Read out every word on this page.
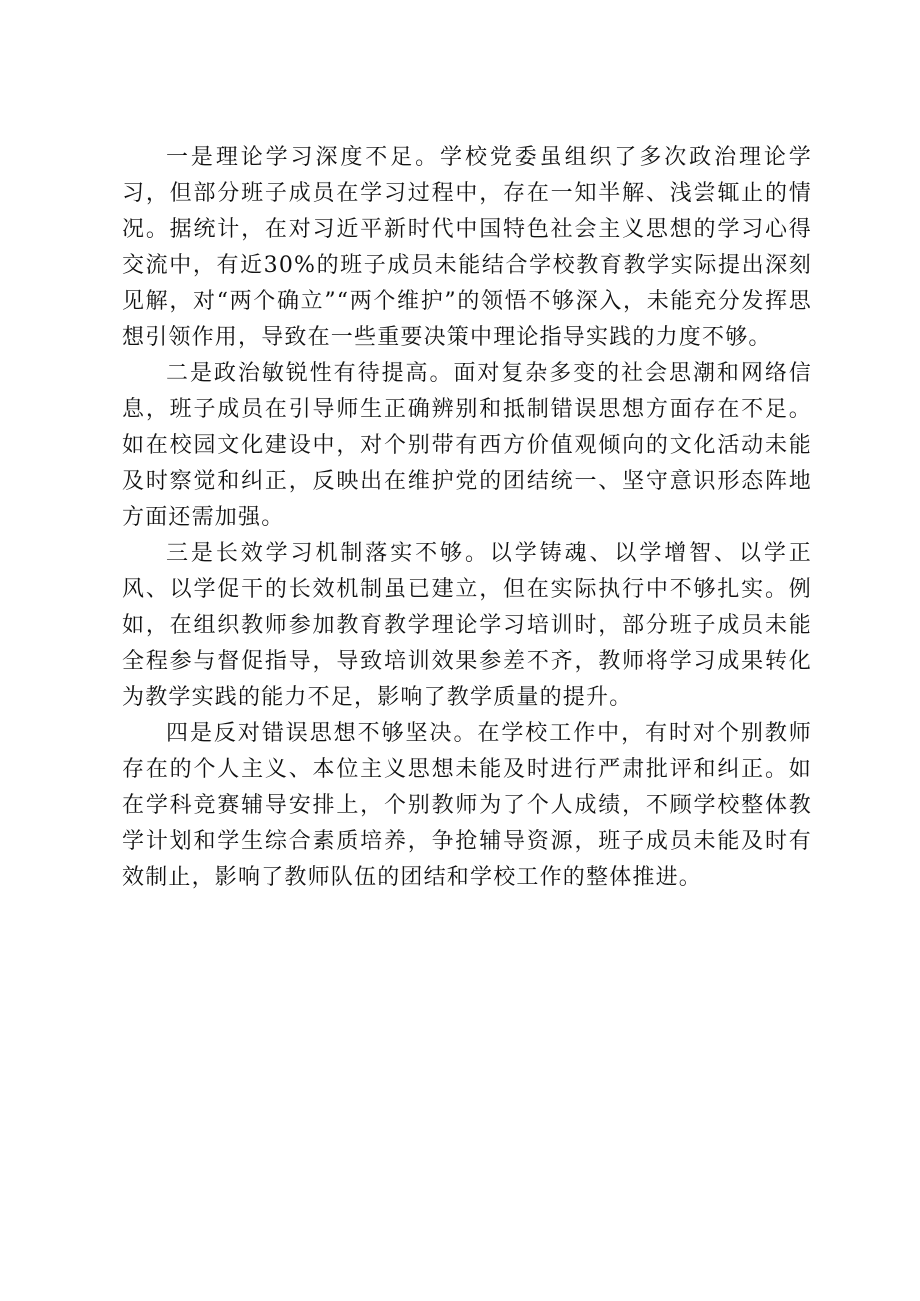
一是理论学习深度不足。学校党委虽组织了多次政治理论学习，但部分班子成员在学习过程中，存在一知半解、浅尝辄止的情况。据统计，在对习近平新时代中国特色社会主义思想的学习心得交流中，有近30%的班子成员未能结合学校教育教学实际提出深刻见解，对“两个确立”“两个维护”的领悟不够深入，未能充分发挥思想引领作用，导致在一些重要决策中理论指导实践的力度不够。

二是政治敏锐性有待提高。面对复杂多变的社会思潮和网络信息，班子成员在引导师生正确辨别和抵制错误思想方面存在不足。如在校园文化建设中，对个别带有西方价值观倾向的文化活动未能及时察觉和纠正，反映出在维护党的团结统一、坚守意识形态阵地方面还需加强。

三是长效学习机制落实不够。以学铸魂、以学增智、以学正风、以学促干的长效机制虽已建立，但在实际执行中不够扎实。例如，在组织教师参加教育教学理论学习培训时，部分班子成员未能全程参与督促指导，导致培训效果参差不齐，教师将学习成果转化为教学实践的能力不足，影响了教学质量的提升。

四是反对错误思想不够坚决。在学校工作中，有时对个别教师存在的个人主义、本位主义思想未能及时进行严肃批评和纠正。如在学科竞赛辅导安排上，个别教师为了个人成绩，不顾学校整体教学计划和学生综合素质培养，争抢辅导资源，班子成员未能及时有效制止，影响了教师队伍的团结和学校工作的整体推进。
